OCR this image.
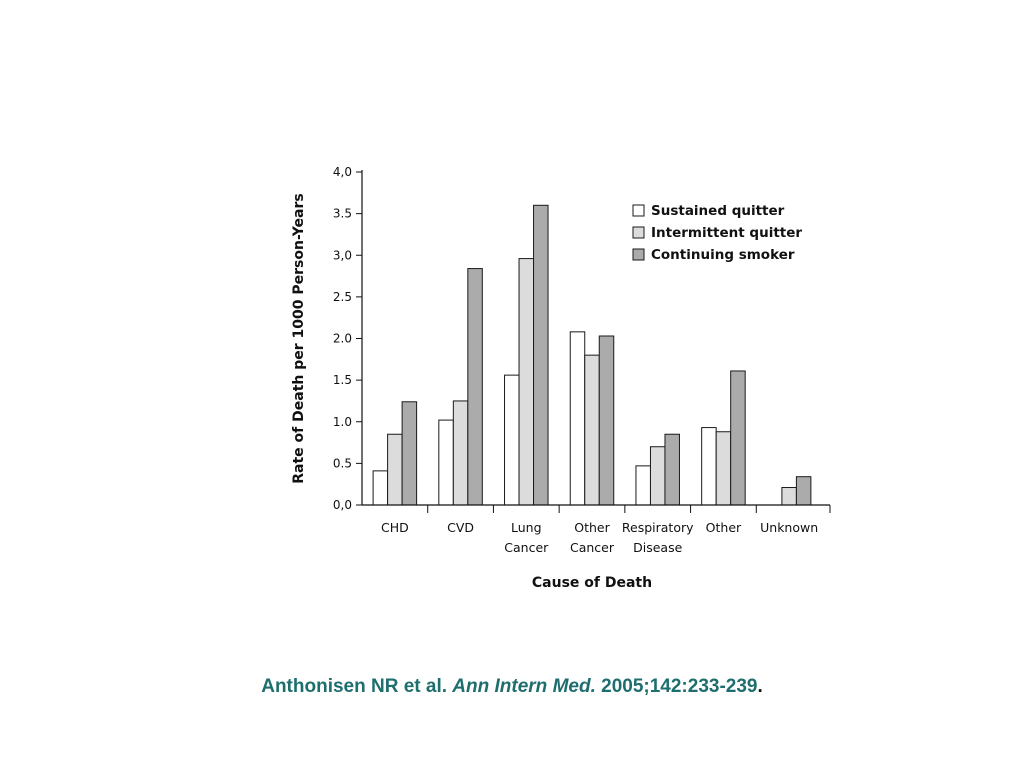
0,0
0.5
1.0
1.5
2.0
2.5
3,0
3.5
4,0
CHD	CVD	Lung Cancer
Other Cancer
Respiratory Disease
Other Unknown
Cause of Death
Rate of Death per 1000 Person-Years	Sustained quitter
Intermittent quitter
Continuing smoker
Anthonisen NR et al. Ann Intern Med. 2005;142:233-239.
